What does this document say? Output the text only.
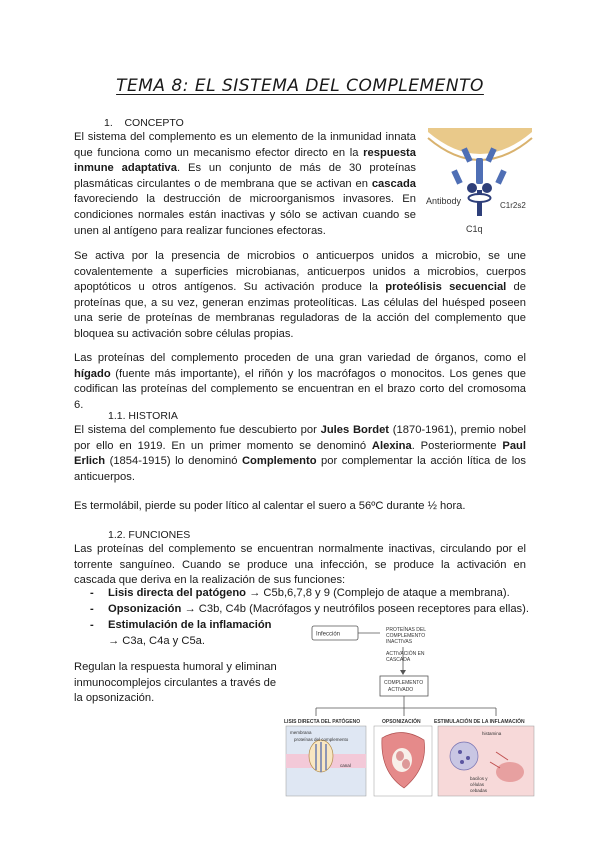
TEMA 8: EL SISTEMA DEL COMPLEMENTO
1. CONCEPTO

El sistema del complemento es un elemento de la inmunidad innata que funciona como un mecanismo efector directo en la respuesta inmune adaptativa. Es un conjunto de más de 30 proteínas plasmáticas circulantes o de membrana que se activan en cascada favoreciendo la destrucción de microorganismos invasores. En condiciones normales están inactivas y sólo se activan cuando se unen al antígeno para realizar funciones efectoras.

Antibody
C1q
C1r2s2

Se activa por la presencia de microbios o anticuerpos unidos a microbio, se une covalentemente a superficies microbianas, anticuerpos unidos a microbios, cuerpos apoptóticos u otros antígenos. Su activación produce la proteólisis secuencial de proteínas que, a su vez, generan enzimas proteolíticas. Las células del huésped poseen una serie de proteínas de membranas reguladoras de la acción del complemento que bloquea su activación sobre células propias.

Las proteínas del complemento proceden de una gran variedad de órganos, como el hígado (fuente más importante), el riñón y los macrófagos o monocitos. Los genes que codifican las proteínas del complemento se encuentran en el brazo corto del cromosoma 6.

1.1. HISTORIA

El sistema del complemento fue descubierto por Jules Bordet (1870-1961), premio nobel por ello en 1919. En un primer momento se denominó Alexina. Posteriormente Paul Erlich (1854-1915) lo denominó Complemento por complementar la acción lítica de los anticuerpos.

Es termolábil, pierde su poder lítico al calentar el suero a 56ºC durante ½ hora.

1.2. FUNCIONES

Las proteínas del complemento se encuentran normalmente inactivas, circulando por el torrente sanguíneo. Cuando se produce una infección, se produce la activación en cascada que deriva en la realización de sus funciones:

- Lisis directa del patógeno → C5b,6,7,8 y 9 (Complejo de ataque a membrana).
- Opsonización → C3b, C4b (Macrófagos y neutrófilos poseen receptores para ellas).
- Estimulación de la inflamación
→ C3a, C4a y C5a.

Regulan la respuesta humoral y eliminan inmunocomplejos circulantes a través de la opsonización.

Infección
PROTEÍNAS DEL
COMPLEMENTO
INACTIVAS
ACTIVACIÓN EN
CASCADA
COMPLEMENTO
ACTIVADO
LISIS DIRECTA DEL PATÓGENO	OPSONIZACIÓN	ESTIMULACIÓN DE LA INFLAMACIÓN
membrana
proteínas del complemento
canal
histamina
bacilos y
células
cebadas
